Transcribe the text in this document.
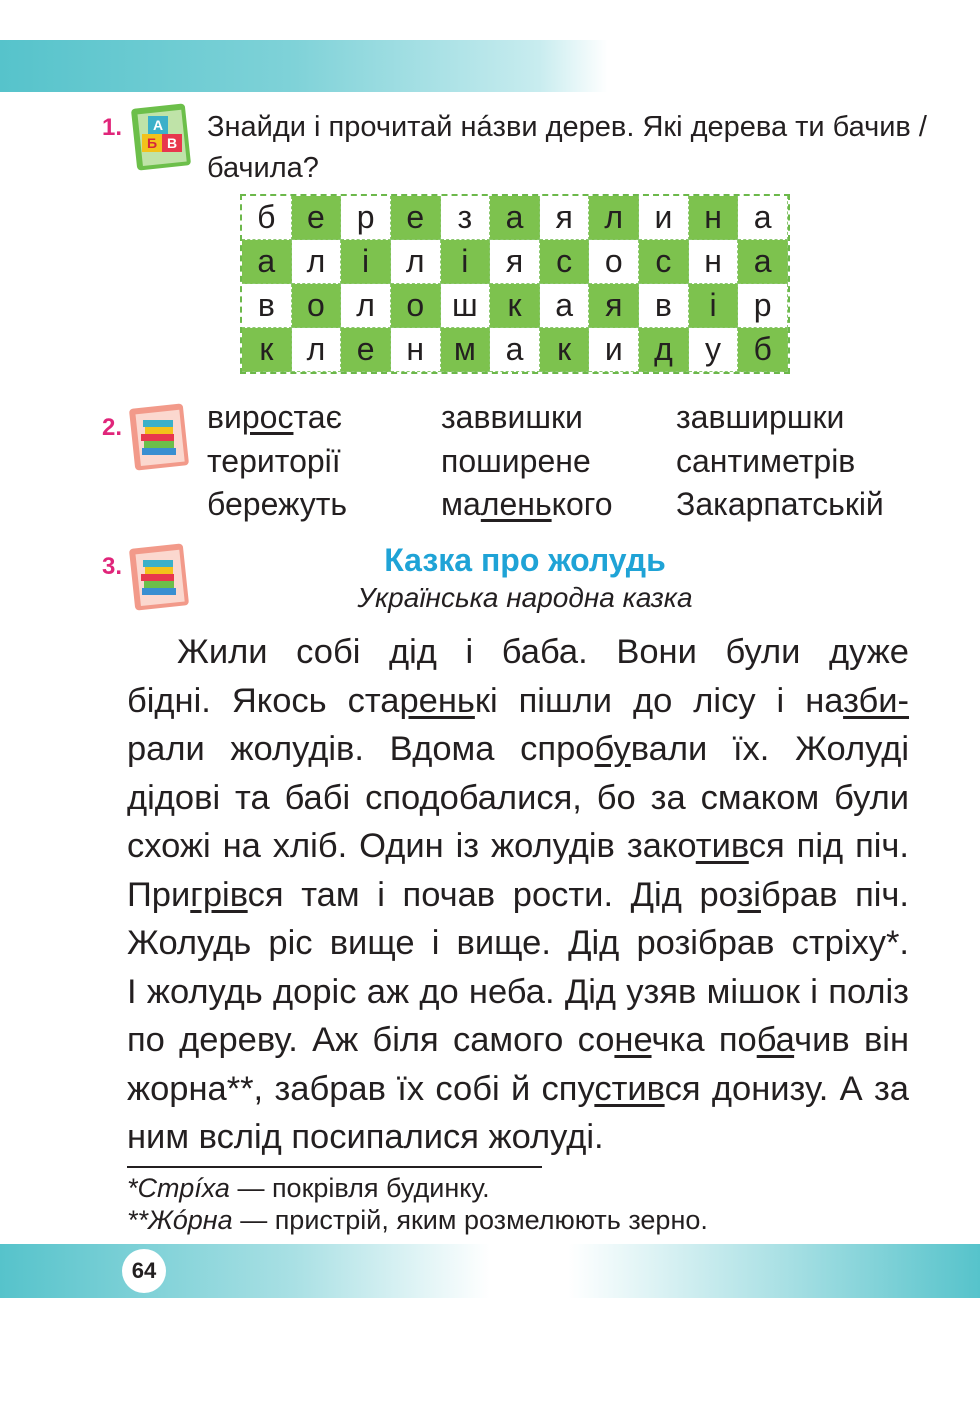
1. А
Б В Знайди і прочитай нáзви дерев. Які дерева ти бачив / бачила?
б е р е	з	а	я л и н а
а л	і	л	і	я	с	о	с	н а
в	о л о ш к	а	я	в	і	р
к	л е н м а	к	и д	у	б
2.	виростає	заввишки	завширшки
території	поширене	сантиметрів
бережуть	маленького	Закарпатській
3.	Казка про жолудь
Українська народна казка
Жили собі дід і баба. Вони були дуже
бідні. Якось старенькі пішли до лісу і назби-
рали жолудів. Вдома спробували їх. Жолуді
дідові та бабі сподобалися, бо за смаком були
схожі на хліб. Один із жолудів закотився під піч.
Пригрівся там і почав рости. Дід розібрав піч.
Жолудь ріс вище і вище. Дід розібрав стріху*.
І жолудь доріс аж до неба. Дід узяв мішок і поліз
по дереву. Аж біля самого сонечка побачив він
жорна**, забрав їх собі й спустився донизу. А за
ним вслід посипалися жолуді.
*Стрíха — покрівля будинку.
**Жóрна — пристрій, яким розмелюють зерно.
64
